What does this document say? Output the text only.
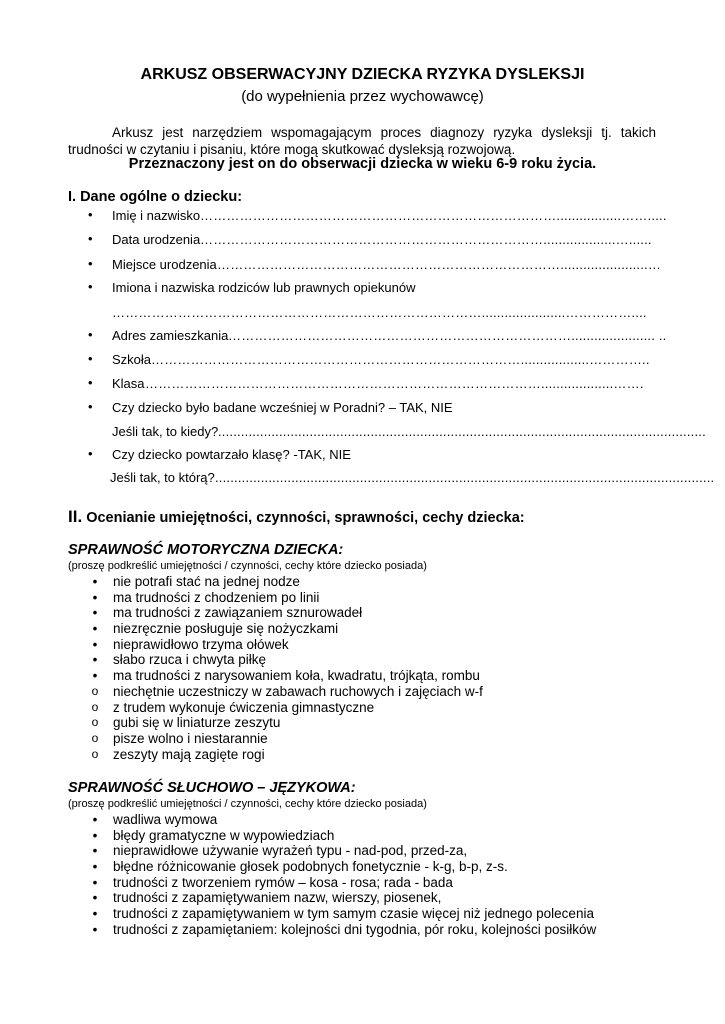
ARKUSZ OBSERWACYJNY DZIECKA RYZYKA DYSLEKSJI
(do wypełnienia przez wychowawcę)

Arkusz jest narzędziem wspomagającym proces diagnozy ryzyka dysleksji tj. takich trudności w czytaniu i pisaniu, które mogą skutkować dysleksją rozwojową.

Przeznaczony jest on do obserwacji dziecka w wieku 6-9 roku życia.
I. Dane ogólne o dziecku:
• Imię i nazwisko ……………………………………………………………………….................…….....
• Data urodzenia ……………………………………………………………………...................…......
• Miejsce urodzenia …………………………………………………………………….......................…
• Imiona i nazwiska rodziców lub prawnych opiekunów
…………………………………………………………………………......................……………....
• Adres zamieszkania ……………………………………………………………………...................... ..
• Szkoła …………………………………………………………………………..................…………..
• Klasa ………………………………………………………………………………...................…….
• Czy dziecko było badane wcześniej w Poradni? – TAK, NIE
Jeśli tak, to kiedy? ................................................................................................................................
• Czy dziecko powtarzało klasę? -TAK, NIE
Jeśli tak, to którą? ...................................................................................................................................
II. Ocenianie umiejętności, czynności, sprawności, cechy dziecka:
SPRAWNOŚĆ MOTORYCZNA DZIECKA:
(proszę podkreślić umiejętności / czynności, cechy które dziecko posiada)
•	nie potrafi stać na jednej nodze
•	ma trudności z chodzeniem po linii
•	ma trudności z zawiązaniem sznurowadeł
•	niezręcznie posługuje się nożyczkami
•	nieprawidłowo trzyma ołówek
•	słabo rzuca i chwyta piłkę
•	ma trudności z narysowaniem koła, kwadratu, trójkąta, rombu
o niechętnie uczestniczy w zabawach ruchowych i zajęciach w-f
o z trudem wykonuje ćwiczenia gimnastyczne
o gubi się w liniaturze zeszytu
o pisze wolno i niestarannie
o zeszyty mają zagięte rogi
SPRAWNOŚĆ SŁUCHOWO – JĘZYKOWA:
(proszę podkreślić umiejętności / czynności, cechy które dziecko posiada)
•	wadliwa wymowa
•	błędy gramatyczne w wypowiedziach
•	nieprawidłowe używanie wyrażeń typu - nad-pod, przed-za,
•	błędne różnicowanie głosek podobnych fonetycznie - k-g, b-p, z-s.
•	trudności z tworzeniem rymów – kosa - rosa; rada - bada
•	trudności z zapamiętywaniem nazw, wierszy, piosenek,
•	trudności z zapamiętywaniem w tym samym czasie więcej niż jednego polecenia
•	trudności z zapamiętaniem: kolejności dni tygodnia, pór roku, kolejności posiłków
